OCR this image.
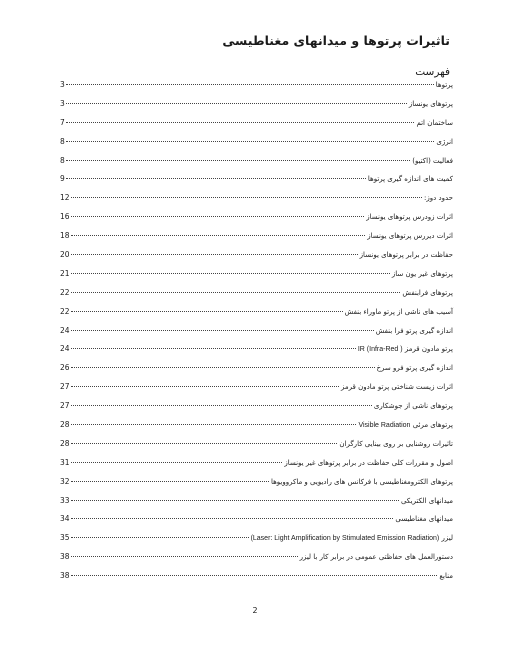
تاثیرات پرتوها و میدانهای مغناطیسی
فهرست
پرتوها
3
پرتوهای یونساز
3
ساختمان اتم
7
انرژی
8
فعالیت (اکتیو)
8
کمیت های اندازه گیری پرتوها
9
حدود دوز:
12
اثرات زودرس پرتوهای یونساز
16
اثرات دیررس پرتوهای یونساز
18
حفاظت در برابر پرتوهای یونساز
20
پرتوهای غیر یون ساز
21
پرتوهای فرابنفش
22
آسیب های ناشی از پرتو ماوراء بنفش
22
اندازه گیری پرتو فرا بنفش
24
پرتو مادون قرمز IR (Infra-Red )
24
اندازه گیری پرتو فرو سرخ
26
اثرات زیست شناختی پرتو مادون قرمز
27
پرتوهای ناشی از جوشکاری
27
پرتوهای مرئی Visible Radiation
28
تاثیرات روشنایی بر روی بینایی کارگران
28
اصول و مقررات کلی حفاظت در برابر پرتوهای غیر یونساز
31
پرتوهای الکترومغناطیسی با فرکانس های رادیویی و ماکروویوها
32
میدانهای الکتریکی
33
میدانهای مغناطیسی
34
لیزر (Laser: Light Amplification by Stimulated Emission Radiation)
35
دستورالعمل های حفاظتی عمومی در برابر کار با لیزر
38
منابع
38
2
